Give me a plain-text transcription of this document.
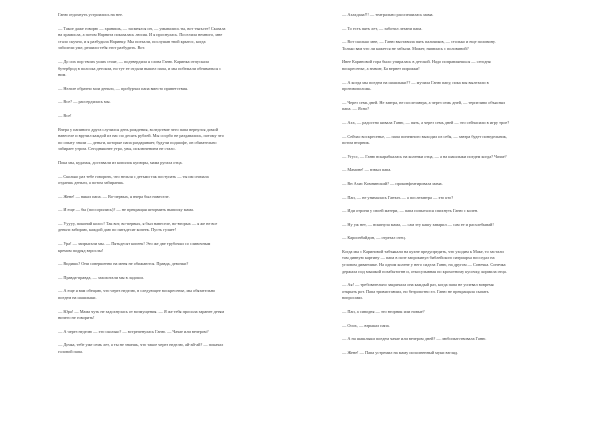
Ганю отдохнуть устроились на нее.
— Такое даже говорю — хранишь, — засмеялся он, — умывались ты, вот тъкъсте! Сказала
на храмисла, а потом Нарнита показалась люсия. И я проснулась. Поселила немного, мне
стало скучно, и я разбудила Наринку. Мы поехали, послушав твой крытос, когда
заболели уже, решили тебя этот разбудить. Вот.
— До сих пор твоих уших стоят, — подтвердила я слова Ганю. Каринка отпускала
бутерброд в полоска детском, но тут ее отдали вышел папа, и мы побежали обниматься с
ним.
— Нельте обратно мои деньги, — пробурчал папа вместо приветствия.
— Все? — рассердилась мы.
— Все!
Вчера у папиного друга случился день рождения, вследствие чего папа вернулся домой
навеселе и вручил каждой из нас по десять рублей. Мы сосрбо не раздавались, потому что
по опыту знали — деньги, которые папа раздаривает, будучи подшофе, он обязательно
забирает утром. Сегодняшнее утро, увы, исключением не стало.
Пока мы, кудахъя, доставали из копилок купюры, мама ругала отца.
— Сколько раз тебе говорить, что нельзя с детьми так поступать — ты им сначала
отдаешь деньги, а потом забираешь.
— Жене! — вякал папа. — Во-первых, я вчера был навеселе.
— И еще — бы (поссорились)? — не прекращая штормить выписку мама.
— Ууууу, поконий колос! Так вот, во-первых, я был навеселе, во-вторых — я же не все
деньги забираю, каждой даю по пятьдесят копеек. Пусть гуляет!
— Ура! — запрыгали мы. — Пятьдесят копеек! Это же две трубочки со сливочным
кремом подряд взрослы!
— Видишь? Они совершенно на меня не обижаются. Правда, девочки?
— Правда-правда, — захохотали мы в ладоши.
— А еще я вам обещаю, что через неделю, в следующее воскресенье, мы обязательно
поедем на шашлыки.
— Юра! — Мама чуть не задохнулась от возмущения. — Я же тебя просила заранее детям
ничего не говорить!
— А через неделю — это сколько? — встрепенулась Ганю. — Чачае или вечером?
— Дочка, тебе уже семь лет, а ты не знаешь, что такое через неделю, ай-ай-ай? — покачал
головой папа.
— Ахахдааа!!! — театрально расспешилась мама.
— То есть пятъ лет, — заботил лезани папа.
— Вот сколько мне, — Ганю выставила пять пальчиков, — столько и еще половину.
Только вам что ли кажется не забыли. Может, няпвлась с половиной?
Ивее Кариновой гора было упиралась в детской. Надо поправляешься — сегодня
воскресенье, а значит, Ба вернет пирожки!
— А когда мы поедем на шашлыки?? — мучила Ганю папу, пока мы вылезали в
противоположь.
— Через семь дней. Не завтра, не послезавтра, а через семь дней, — терпеливо объяснял
папа. — Ясно?
— Ахх, — радостно кивала Ганю, — пять, а через семь дней — это сейчасили в игру трое?
— Сейчас воскресенье, — папа понемного выходил из себя, — завтра будет понедельник,
потом вторник.
— Угусс, — Ганю вскарабкалась на коленки отца, — а на шашлыки поедем когда? Чачае?
— Мамоне! — взвыл папа.
— Вн Ахис Комнинский? — проконфеатировала мама.
— Пап, — не унималась Ганъть — а послезавтра — это кто?
— Иди отрони у своей матери, — папа попытался спихнуть Ганю с колен.
— Ну уж нет, — вскинула мама, — сам эту кашу заварил — сам ее и расхлебывай!
— Кароонбайдин, — отрезал отец.
Когда мы с Кариновой табъякали на кухне предупредить, что уходим к Маке, то застали
там дивную картину — папа в позе запрокинул библейского патриарха восседал на
угловом диванчике. На одном колене у него сидела Ганю, на другом — Сонечка. Сонечка
держала под мышкой позабытогвн и, откосулывная по крохотному кусочку, кормила отца.
— Ая! — требовательно закричала она каждый раз, когда папа не успевал вовремя
открыть рот. Папа тривиставчил, но безропотно ел. Ганю не прекращала сыпать
вопросами.
— Пап, а сиводня — это вторник или новые?
— Ооох, — взрыкал папа.
— А на шашлыки поедем чачае или вечером дней? — любопытствовала Ганю.
— Жене! — Папа устремил на маму исполненный муки взгляд.
